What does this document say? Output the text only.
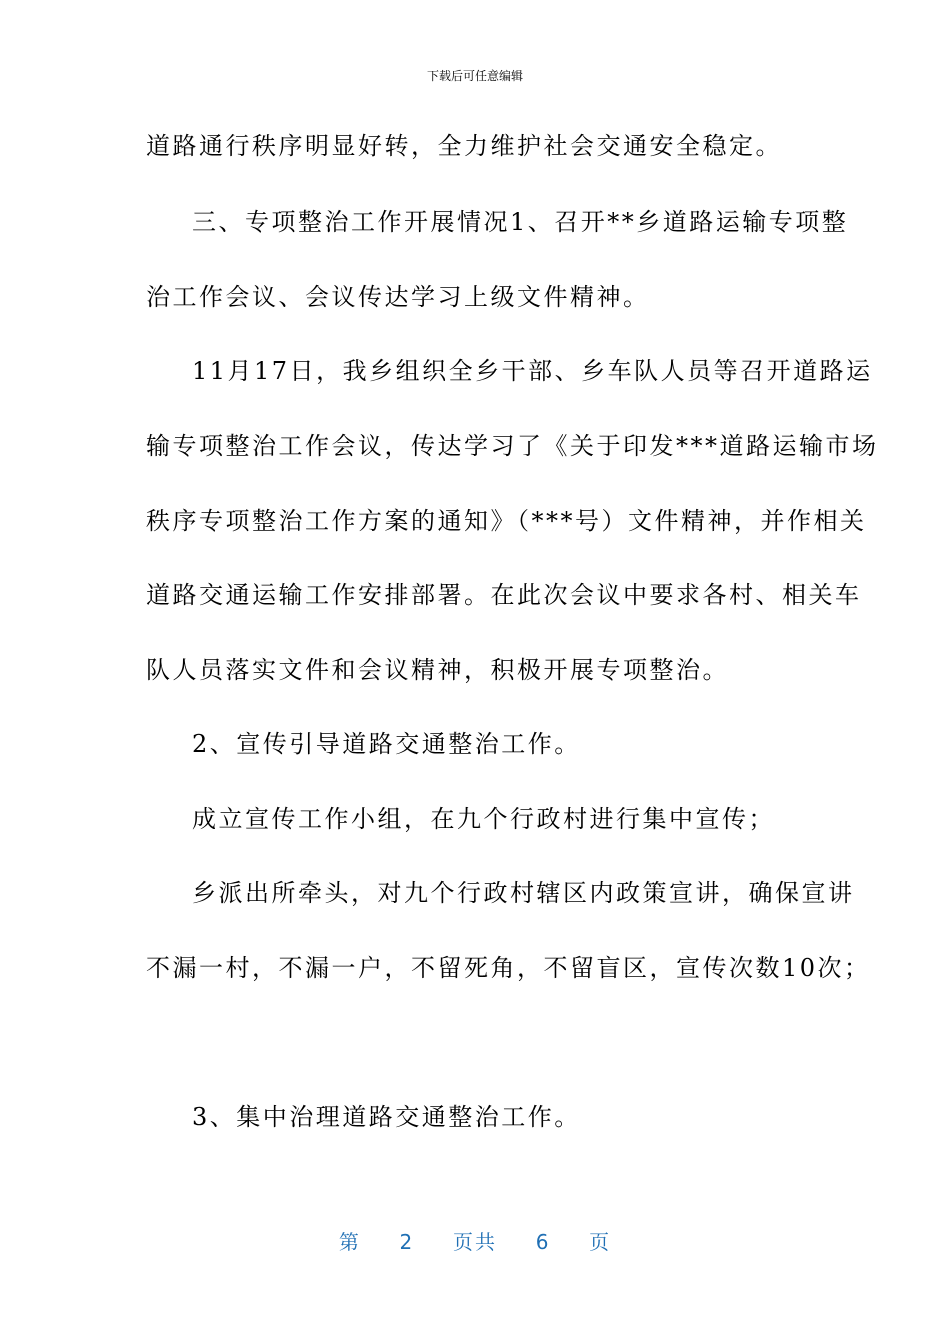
下载后可任意编辑
道路通行秩序明显好转，全力维护社会交通安全稳定。
三、专项整治工作开展情况1、召开**乡道路运输专项整
治工作会议、会议传达学习上级文件精神。
11月17日，我乡组织全乡干部、乡车队人员等召开道路运
输专项整治工作会议，传达学习了《关于印发***道路运输市场
秩序专项整治工作方案的通知》（***号）文件精神，并作相关
道路交通运输工作安排部署。在此次会议中要求各村、相关车
队人员落实文件和会议精神，积极开展专项整治。
2、宣传引导道路交通整治工作。
成立宣传工作小组，在九个行政村进行集中宣传；
乡派出所牵头，对九个行政村辖区内政策宣讲，确保宣讲
不漏一村，不漏一户，不留死角，不留盲区，宣传次数10次；
3、集中治理道路交通整治工作。
第 2 页共 6 页
